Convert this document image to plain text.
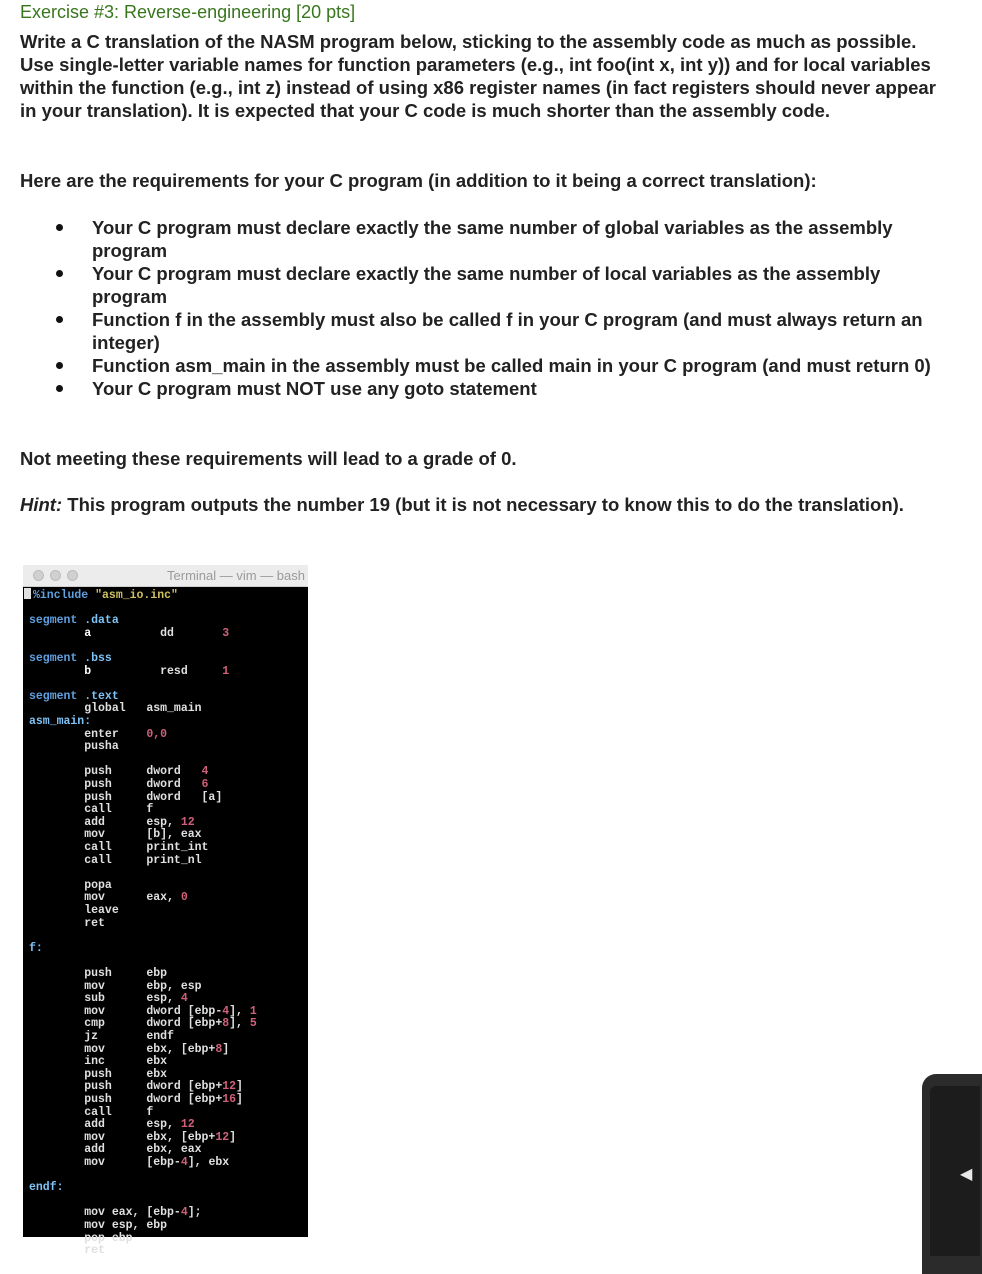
Exercise #3: Reverse-engineering [20 pts]

Write a C translation of the NASM program below, sticking to the assembly code as much as possible. Use single-letter variable names for function parameters (e.g., int foo(int x, int y)) and for local variables within the function (e.g., int z) instead of using x86 register names (in fact registers should never appear in your translation). It is expected that your C code is much shorter than the assembly code.

Here are the requirements for your C program (in addition to it being a correct translation):

Your C program must declare exactly the same number of global variables as the assembly program
Your C program must declare exactly the same number of local variables as the assembly program
Function f in the assembly must also be called f in your C program (and must always return an integer)
Function asm_main in the assembly must be called main in your C program (and must return 0)
Your C program must NOT use any goto statement

Not meeting these requirements will lead to a grade of 0.

Hint: This program outputs the number 19 (but it is not necessary to know this to do the translation).

Terminal — vim — bash
%include "asm_io.inc"
segment .data
a          dd       3
segment .bss
b          resd     1
segment .text
global   asm_main
asm_main:
enter    0,0
pusha
push     dword   4
push     dword   6
push     dword   [a]
call     f
add      esp, 12
mov      [b], eax
call     print_int
call     print_nl
popa
mov      eax, 0
leave
ret
f:
push     ebp
mov      ebp, esp
sub      esp, 4
mov      dword [ebp-4], 1
cmp      dword [ebp+8], 5
jz       endf
mov      ebx, [ebp+8]
inc      ebx
push     ebx
push     dword [ebp+12]
push     dword [ebp+16]
call     f
add      esp, 12
mov      ebx, [ebp+12]
add      ebx, eax
mov      [ebp-4], ebx
endf:
mov eax, [ebp-4];
mov esp, ebp
pop ebp
ret
◀
